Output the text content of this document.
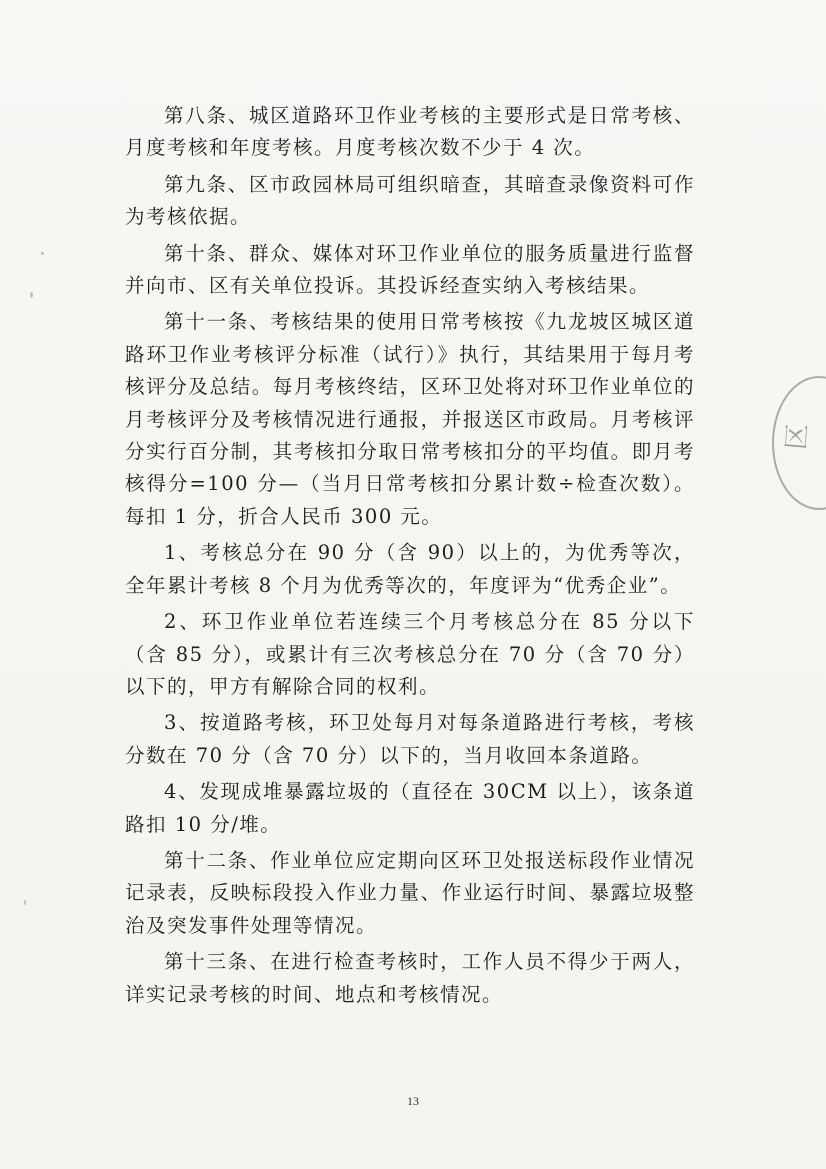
第八条、城区道路环卫作业考核的主要形式是日常考核、月度考核和年度考核。月度考核次数不少于 4 次。

第九条、区市政园林局可组织暗查，其暗查录像资料可作为考核依据。

第十条、群众、媒体对环卫作业单位的服务质量进行监督并向市、区有关单位投诉。其投诉经查实纳入考核结果。

第十一条、考核结果的使用日常考核按《九龙坡区城区道路环卫作业考核评分标准（试行）》执行，其结果用于每月考核评分及总结。每月考核终结，区环卫处将对环卫作业单位的月考核评分及考核情况进行通报，并报送区市政局。月考核评分实行百分制，其考核扣分取日常考核扣分的平均值。即月考核得分=100 分—（当月日常考核扣分累计数÷检查次数）。每扣 1 分，折合人民币 300 元。

1、考核总分在 90 分（含 90）以上的，为优秀等次，全年累计考核 8 个月为优秀等次的，年度评为“优秀企业”。

2、环卫作业单位若连续三个月考核总分在 85 分以下（含 85 分），或累计有三次考核总分在 70 分（含 70 分）以下的，甲方有解除合同的权利。

3、按道路考核，环卫处每月对每条道路进行考核，考核分数在 70 分（含 70 分）以下的，当月收回本条道路。

4、发现成堆暴露垃圾的（直径在 30CM 以上），该条道路扣 10 分/堆。

第十二条、作业单位应定期向区环卫处报送标段作业情况记录表，反映标段投入作业力量、作业运行时间、暴露垃圾整治及突发事件处理等情况。

第十三条、在进行检查考核时，工作人员不得少于两人，详实记录考核的时间、地点和考核情况。

区
13
